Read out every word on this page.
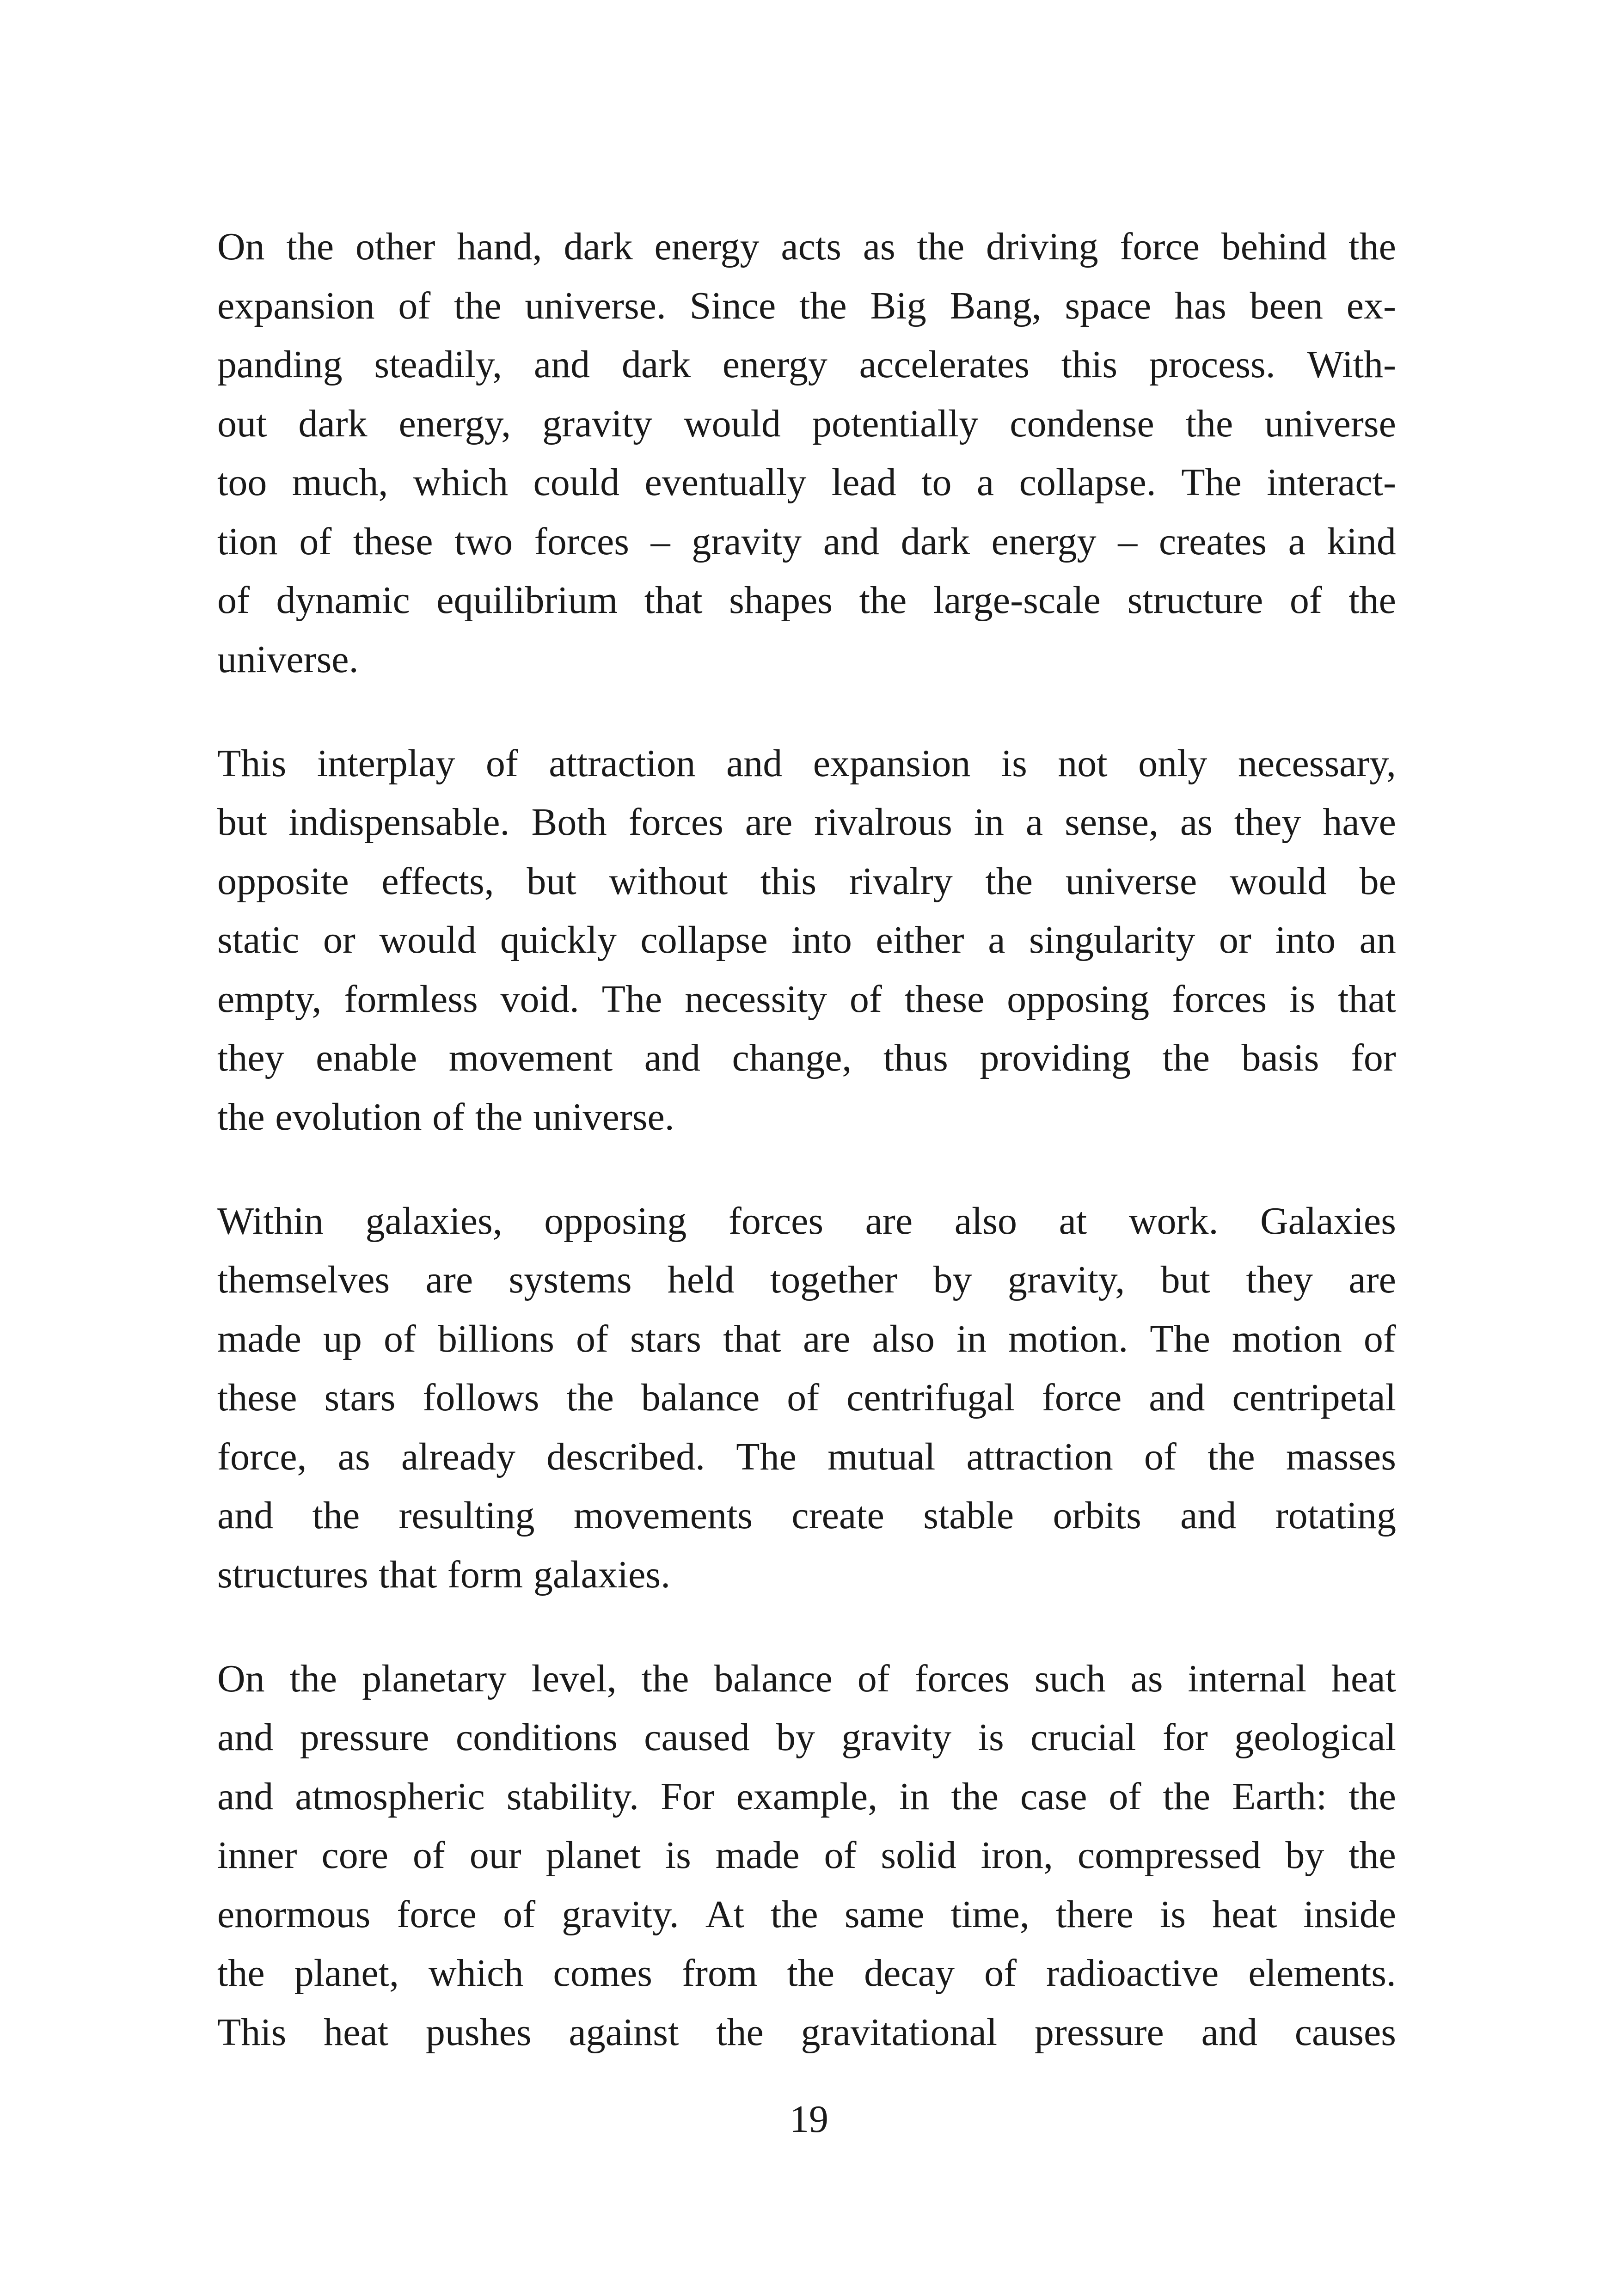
On the other hand, dark energy acts as the driving force behind the
expansion of the universe. Since the Big Bang, space has been ex-
panding steadily, and dark energy accelerates this process. With-
out dark energy, gravity would potentially condense the universe
too much, which could eventually lead to a collapse. The interact-
tion of these two forces – gravity and dark energy – creates a kind
of dynamic equilibrium that shapes the large-scale structure of the
universe.
This interplay of attraction and expansion is not only necessary,
but indispensable. Both forces are rivalrous in a sense, as they have
opposite effects, but without this rivalry the universe would be
static or would quickly collapse into either a singularity or into an
empty, formless void. The necessity of these opposing forces is that
they enable movement and change, thus providing the basis for
the evolution of the universe.
Within galaxies, opposing forces are also at work. Galaxies
themselves are systems held together by gravity, but they are
made up of billions of stars that are also in motion. The motion of
these stars follows the balance of centrifugal force and centripetal
force, as already described. The mutual attraction of the masses
and the resulting movements create stable orbits and rotating
structures that form galaxies.
On the planetary level, the balance of forces such as internal heat
and pressure conditions caused by gravity is crucial for geological
and atmospheric stability. For example, in the case of the Earth: the
inner core of our planet is made of solid iron, compressed by the
enormous force of gravity. At the same time, there is heat inside
the planet, which comes from the decay of radioactive elements.
This heat pushes against the gravitational pressure and causes
19
